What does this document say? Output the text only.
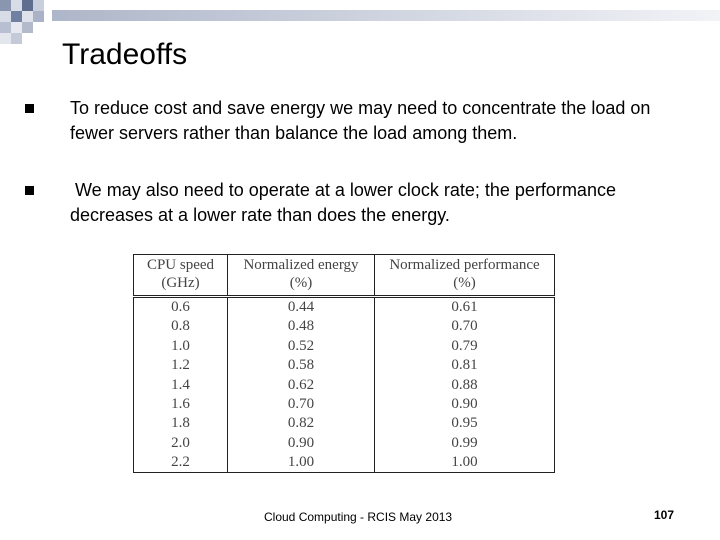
Tradeoffs
To reduce cost and save energy we may need to concentrate the load on fewer servers rather than balance the load among them.
We may also need to operate at a lower clock rate; the performance decreases at a lower rate than does the energy.
CPU speed
(GHz)
Normalized energy
(%)
Normalized performance
(%)
0.6
0.8
1.0
1.2
1.4
1.6
1.8
2.0
2.2
0.44
0.48
0.52
0.58
0.62
0.70
0.82
0.90
1.00
0.61
0.70
0.79
0.81
0.88
0.90
0.95
0.99
1.00
Cloud Computing - RCIS May 2013	107
